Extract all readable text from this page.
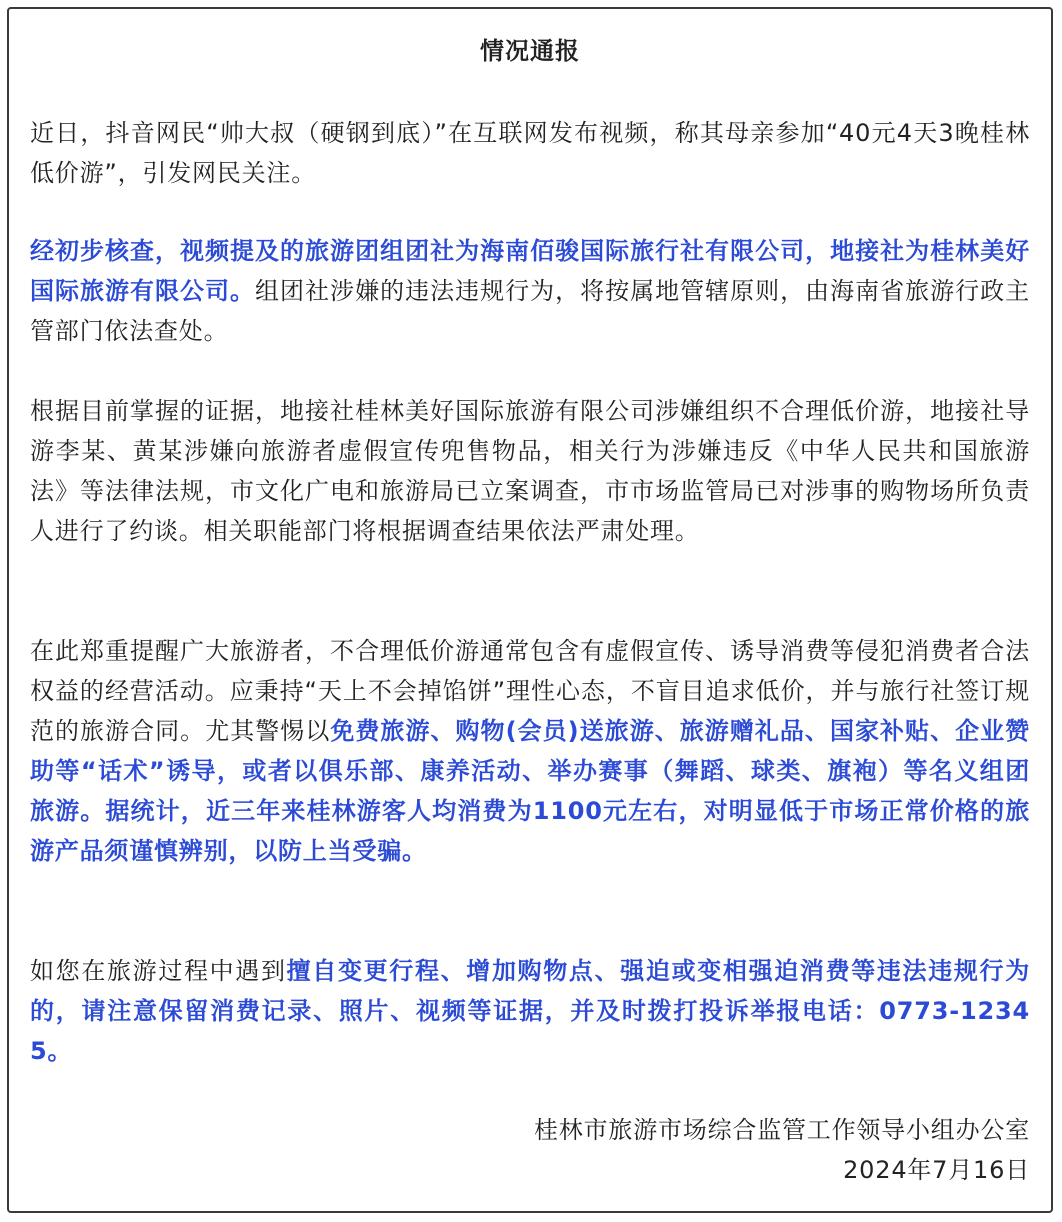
情况通报

近日，抖音网民“帅大叔（硬钢到底）”在互联网发布视频，称其母亲参加“40元4天3晚桂林低价游”，引发网民关注。

经初步核查，视频提及的旅游团组团社为海南佰骏国际旅行社有限公司，地接社为桂林美好国际旅游有限公司。组团社涉嫌的违法违规行为，将按属地管辖原则，由海南省旅游行政主管部门依法查处。

根据目前掌握的证据，地接社桂林美好国际旅游有限公司涉嫌组织不合理低价游，地接社导游李某、黄某涉嫌向旅游者虚假宣传兜售物品，相关行为涉嫌违反《中华人民共和国旅游法》等法律法规，市文化广电和旅游局已立案调查，市市场监管局已对涉事的购物场所负责人进行了约谈。相关职能部门将根据调查结果依法严肃处理。

在此郑重提醒广大旅游者，不合理低价游通常包含有虚假宣传、诱导消费等侵犯消费者合法权益的经营活动。应秉持“天上不会掉馅饼”理性心态，不盲目追求低价，并与旅行社签订规范的旅游合同。尤其警惕以免费旅游、购物(会员)送旅游、旅游赠礼品、国家补贴、企业赞助等“话术”诱导，或者以俱乐部、康养活动、举办赛事（舞蹈、球类、旗袍）等名义组团旅游。据统计，近三年来桂林游客人均消费为1100元左右，对明显低于市场正常价格的旅游产品须谨慎辨别，以防上当受骗。

如您在旅游过程中遇到擅自变更行程、增加购物点、强迫或变相强迫消费等违法违规行为的，请注意保留消费记录、照片、视频等证据，并及时拨打投诉举报电话：0773-12345。

桂林市旅游市场综合监管工作领导小组办公室
2024年7月16日
